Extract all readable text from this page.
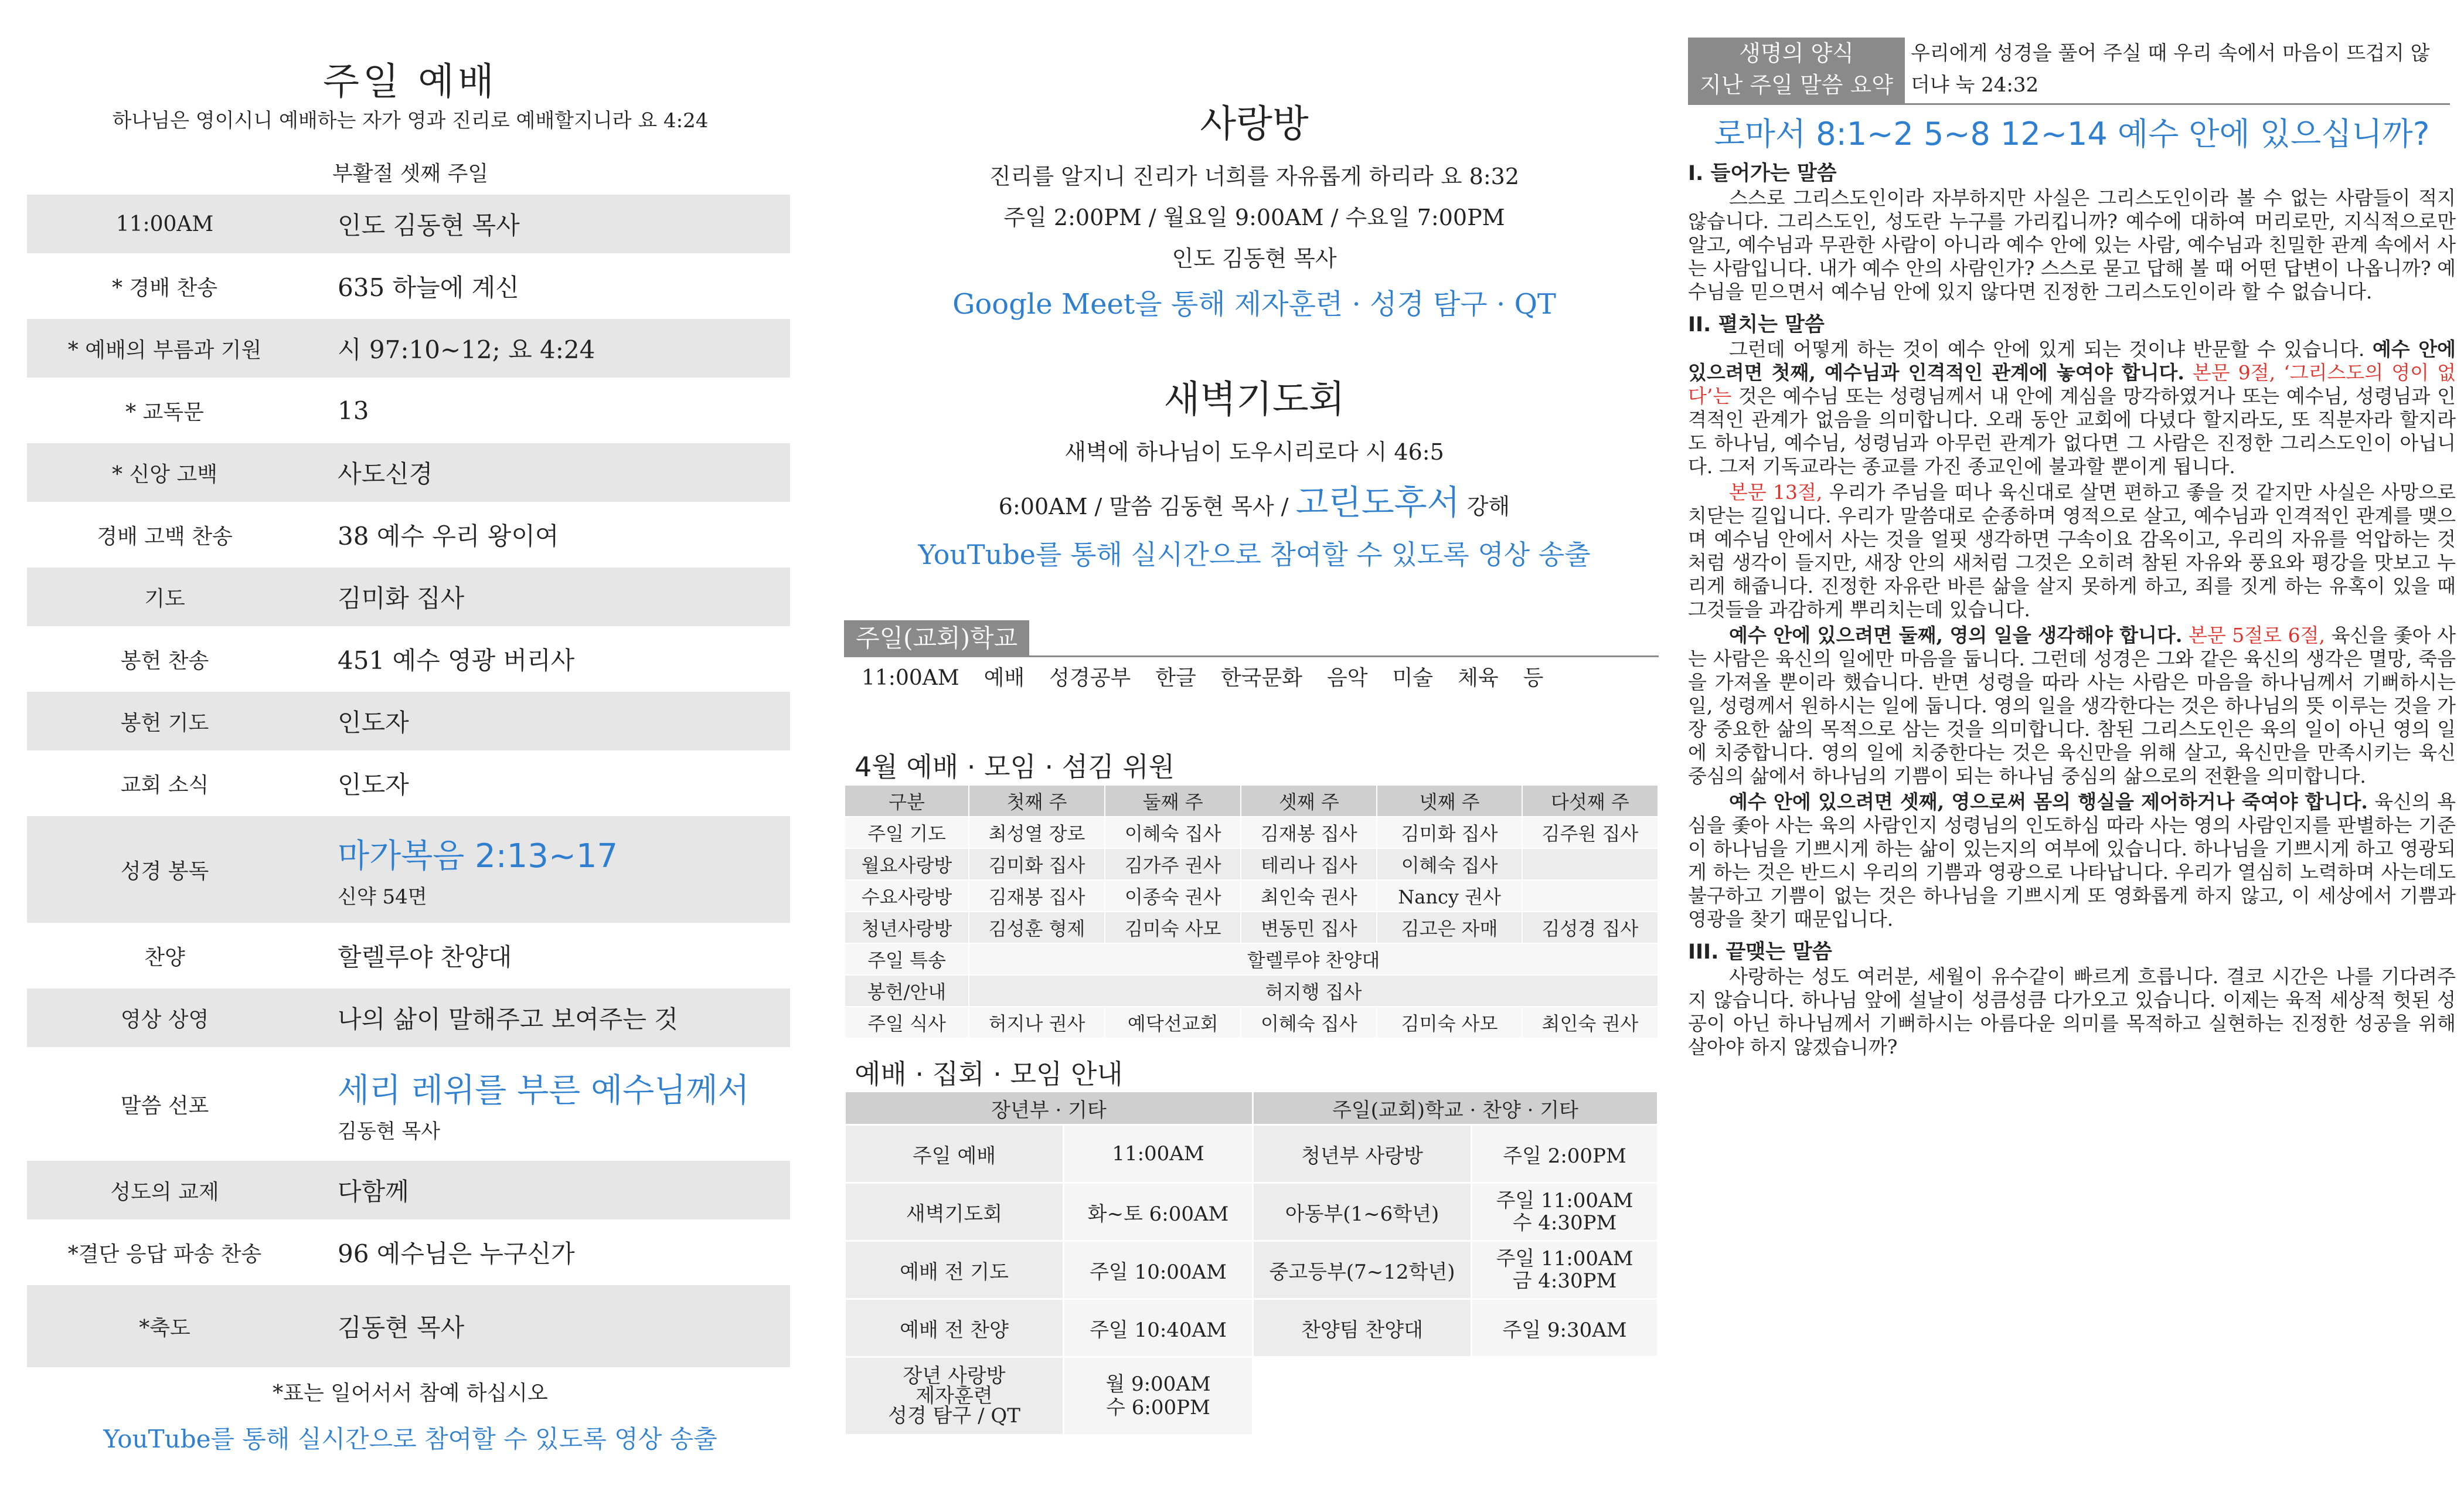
주일 예배
하나님은 영이시니 예배하는 자가 영과 진리로 예배할지니라 요 4:24
부활절 셋째 주일
11:00AM	인도 김동현 목사
* 경배 찬송	635 하늘에 계신
* 예배의 부름과 기원	시 97:10~12; 요 4:24
* 교독문	13
* 신앙 고백	사도신경
경배 고백 찬송	38 예수 우리 왕이여
기도	김미화 집사
봉헌 찬송	451 예수 영광 버리사
봉헌 기도	인도자
교회 소식	인도자
성경 봉독	마가복음 2:13~17
신약 54면
찬양	할렐루야 찬양대
영상 상영	나의 삶이 말해주고 보여주는 것
말씀 선포	세리 레위를 부른 예수님께서
김동현 목사
성도의 교제	다함께
*결단 응답 파송 찬송	96 예수님은 누구신가
*축도	김동현 목사
*표는 일어서서 참예 하십시오
YouTube를 통해 실시간으로 참여할 수 있도록 영상 송출
사랑방
진리를 알지니 진리가 너희를 자유롭게 하리라 요 8:32
주일 2:00PM / 월요일 9:00AM / 수요일 7:00PM
인도 김동현 목사
Google Meet을 통해 제자훈련 · 성경 탐구 · QT
새벽기도회
새벽에 하나님이 도우시리로다 시 46:5
6:00AM / 말씀 김동현 목사 / 고린도후서 강해
YouTube를 통해 실시간으로 참여할 수 있도록 영상 송출
주일(교회)학교
11:00AM 예배 성경공부 한글 한국문화 음악 미술 체육 등
4월 예배 · 모임 · 섬김 위원
구분	첫째 주	둘째 주	셋째 주	넷째 주	다섯째 주
주일 기도	최성열 장로	이혜숙 집사	김재봉 집사	김미화 집사	김주원 집사
월요사랑방	김미화 집사	김가주 권사	테리나 집사	이혜숙 집사	
수요사랑방	김재봉 집사	이종숙 권사	최인숙 권사	Nancy 권사	
청년사랑방	김성훈 형제	김미숙 사모	변동민 집사	김고은 자매	김성경 집사
주일 특송	할렐루야 찬양대				
봉헌/안내	허지행 집사				
주일 식사	허지나 권사	예닥선교회	이혜숙 집사	김미숙 사모	최인숙 권사
예배 · 집회 · 모임 안내
장년부 · 기타		주일(교회)학교 · 찬양 · 기타	
주일 예배	11:00AM	청년부 사랑방	주일 2:00PM
새벽기도회	화~토 6:00AM	아동부(1~6학년)	주일 11:00AM
수 4:30PM
예배 전 기도	주일 10:00AM	중고등부(7~12학년)	주일 11:00AM
금 4:30PM
예배 전 찬양	주일 10:40AM	찬양팀 찬양대	주일 9:30AM
장년 사랑방
제자훈련
성경 탐구 / QT	월 9:00AM
수 6:00PM		
생명의 양식
지난 주일 말씀 요약
우리에게 성경을 풀어 주실 때 우리 속에서 마음이 뜨겁지 않더냐 눅 24:32
로마서 8:1~2 5~8 12~14 예수 안에 있으십니까?
I. 들어가는 말씀

스스로 그리스도인이라 자부하지만 사실은 그리스도인이라 볼 수 없는 사람들이 적지 않습니다. 그리스도인, 성도란 누구를 가리킵니까? 예수에 대하여 머리로만, 지식적으로만 알고, 예수님과 무관한 사람이 아니라 예수 안에 있는 사람, 예수님과 친밀한 관계 속에서 사는 사람입니다. 내가 예수 안의 사람인가? 스스로 묻고 답해 볼 때 어떤 답변이 나옵니까? 예수님을 믿으면서 예수님 안에 있지 않다면 진정한 그리스도인이라 할 수 없습니다.

II. 펼치는 말씀

그런데 어떻게 하는 것이 예수 안에 있게 되는 것이냐 반문할 수 있습니다. 예수 안에 있으려면 첫째, 예수님과 인격적인 관계에 놓여야 합니다. 본문 9절, ‘그리스도의 영이 없다’는 것은 예수님 또는 성령님께서 내 안에 계심을 망각하였거나 또는 예수님, 성령님과 인격적인 관계가 없음을 의미합니다. 오래 동안 교회에 다녔다 할지라도, 또 직분자라 할지라도 하나님, 예수님, 성령님과 아무런 관계가 없다면 그 사람은 진정한 그리스도인이 아닙니다. 그저 기독교라는 종교를 가진 종교인에 불과할 뿐이게 됩니다.

본문 13절, 우리가 주님을 떠나 육신대로 살면 편하고 좋을 것 같지만 사실은 사망으로 치닫는 길입니다. 우리가 말씀대로 순종하며 영적으로 살고, 예수님과 인격적인 관계를 맺으며 예수님 안에서 사는 것을 얼핏 생각하면 구속이요 감옥이고, 우리의 자유를 억압하는 것처럼 생각이 들지만, 새장 안의 새처럼 그것은 오히려 참된 자유와 풍요와 평강을 맛보고 누리게 해줍니다. 진정한 자유란 바른 삶을 살지 못하게 하고, 죄를 짓게 하는 유혹이 있을 때 그것들을 과감하게 뿌리치는데 있습니다.

예수 안에 있으려면 둘째, 영의 일을 생각해야 합니다. 본문 5절로 6절, 육신을 좇아 사는 사람은 육신의 일에만 마음을 둡니다. 그런데 성경은 그와 같은 육신의 생각은 멸망, 죽음을 가져올 뿐이라 했습니다. 반면 성령을 따라 사는 사람은 마음을 하나님께서 기뻐하시는 일, 성령께서 원하시는 일에 둡니다. 영의 일을 생각한다는 것은 하나님의 뜻 이루는 것을 가장 중요한 삶의 목적으로 삼는 것을 의미합니다. 참된 그리스도인은 육의 일이 아닌 영의 일에 치중합니다. 영의 일에 치중한다는 것은 육신만을 위해 살고, 육신만을 만족시키는 육신 중심의 삶에서 하나님의 기쁨이 되는 하나님 중심의 삶으로의 전환을 의미합니다.

예수 안에 있으려면 셋째, 영으로써 몸의 행실을 제어하거나 죽여야 합니다. 육신의 욕심을 좇아 사는 육의 사람인지 성령님의 인도하심 따라 사는 영의 사람인지를 판별하는 기준이 하나님을 기쁘시게 하는 삶이 있는지의 여부에 있습니다. 하나님을 기쁘시게 하고 영광되게 하는 것은 반드시 우리의 기쁨과 영광으로 나타납니다. 우리가 열심히 노력하며 사는데도 불구하고 기쁨이 없는 것은 하나님을 기쁘시게 또 영화롭게 하지 않고, 이 세상에서 기쁨과 영광을 찾기 때문입니다.

III. 끝맺는 말씀

사랑하는 성도 여러분, 세월이 유수같이 빠르게 흐릅니다. 결코 시간은 나를 기다려주지 않습니다. 하나님 앞에 설날이 성큼성큼 다가오고 있습니다. 이제는 육적 세상적 헛된 성공이 아닌 하나님께서 기뻐하시는 아름다운 의미를 목적하고 실현하는 진정한 성공을 위해 살아야 하지 않겠습니까?
